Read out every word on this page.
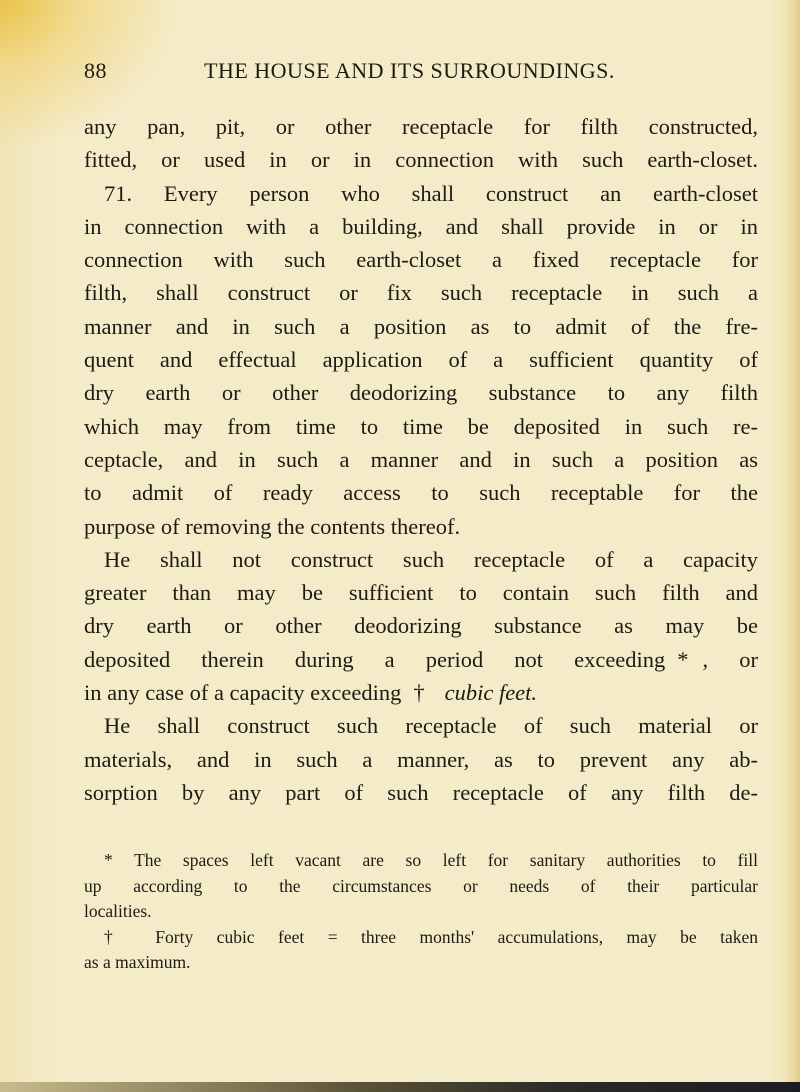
88	THE HOUSE AND ITS SURROUNDINGS.
any pan, pit, or other receptacle for filth constructed,
fitted, or used in or in connection with such earth-closet.
71. Every person who shall construct an earth-closet
in connection with a building, and shall provide in or in
connection with such earth-closet a fixed receptacle for
filth, shall construct or fix such receptacle in such a
manner and in such a position as to admit of the fre-
quent and effectual application of a sufficient quantity of
dry earth or other deodorizing substance to any filth
which may from time to time be deposited in such re-
ceptacle, and in such a manner and in such a position as
to admit of ready access to such receptable for the
purpose of removing the contents thereof.
He shall not construct such receptacle of a capacity
greater than may be sufficient to contain such filth and
dry earth or other deodorizing substance as may be
deposited therein during a period not exceeding * , or
in any case of a capacity exceeding † cubic feet.
He shall construct such receptacle of such material or
materials, and in such a manner, as to prevent any ab-
sorption by any part of such receptacle of any filth de-
* The spaces left vacant are so left for sanitary authorities to fill
up according to the circumstances or needs of their particular
localities.
† Forty cubic feet = three months' accumulations, may be taken
as a maximum.
